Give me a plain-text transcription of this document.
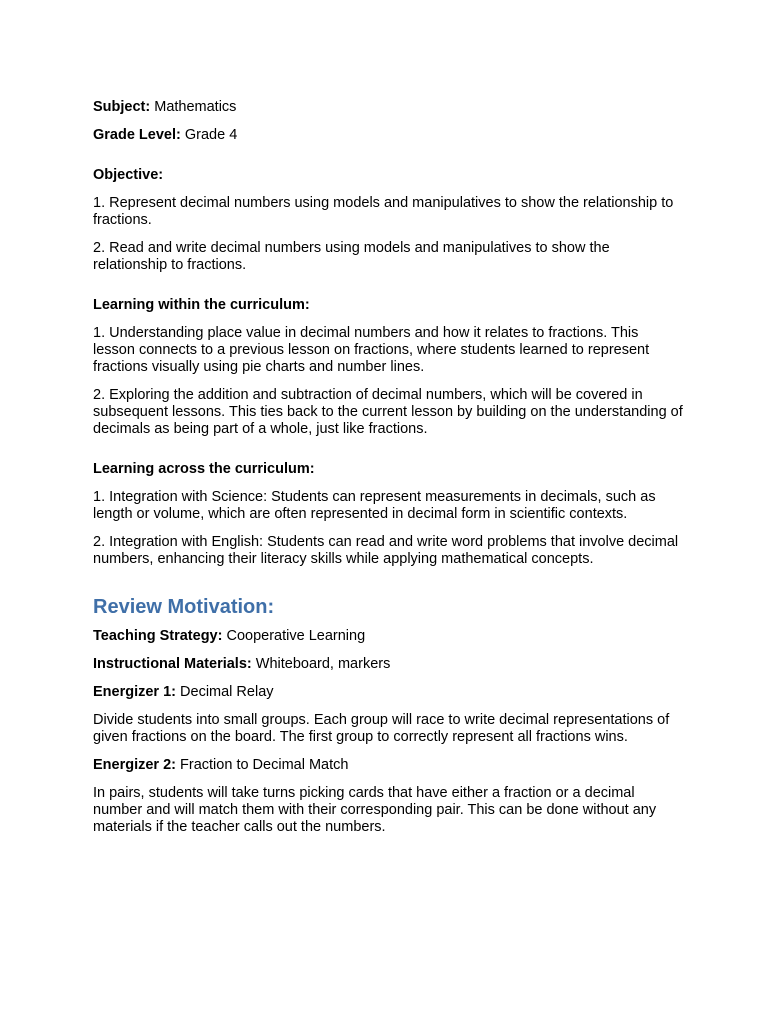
Subject: Mathematics

Grade Level: Grade 4

Objective:

1. Represent decimal numbers using models and manipulatives to show the relationship to fractions.

2. Read and write decimal numbers using models and manipulatives to show the relationship to fractions.

Learning within the curriculum:

1. Understanding place value in decimal numbers and how it relates to fractions. This lesson connects to a previous lesson on fractions, where students learned to represent fractions visually using pie charts and number lines.

2. Exploring the addition and subtraction of decimal numbers, which will be covered in subsequent lessons. This ties back to the current lesson by building on the understanding of decimals as being part of a whole, just like fractions.

Learning across the curriculum:

1. Integration with Science: Students can represent measurements in decimals, such as length or volume, which are often represented in decimal form in scientific contexts.

2. Integration with English: Students can read and write word problems that involve decimal numbers, enhancing their literacy skills while applying mathematical concepts.

Review Motivation:

Teaching Strategy: Cooperative Learning

Instructional Materials: Whiteboard, markers

Energizer 1: Decimal Relay

Divide students into small groups. Each group will race to write decimal representations of given fractions on the board. The first group to correctly represent all fractions wins.

Energizer 2: Fraction to Decimal Match

In pairs, students will take turns picking cards that have either a fraction or a decimal number and will match them with their corresponding pair. This can be done without any materials if the teacher calls out the numbers.
